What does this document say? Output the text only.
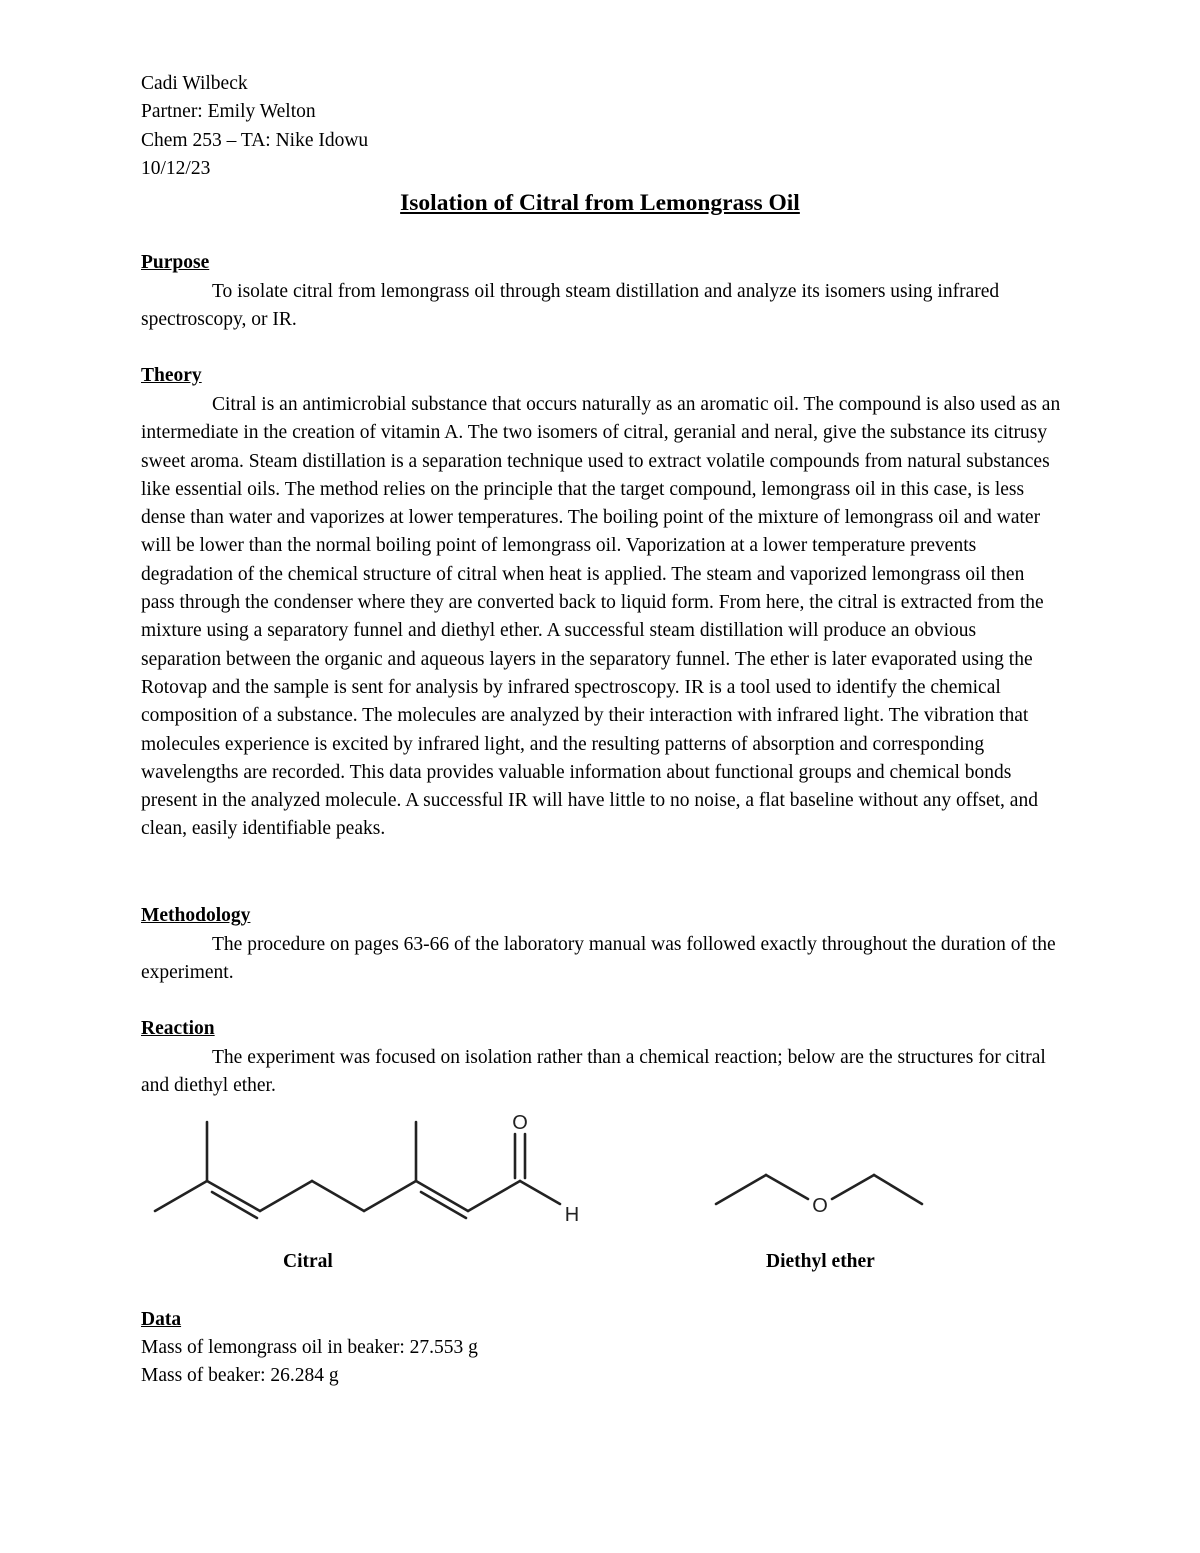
Cadi Wilbeck
Partner: Emily Welton
Chem 253 – TA: Nike Idowu
10/12/23
Isolation of Citral from Lemongrass Oil
Purpose
To isolate citral from lemongrass oil through steam distillation and analyze its isomers using infrared spectroscopy, or IR.
Theory
Citral is an antimicrobial substance that occurs naturally as an aromatic oil. The compound is also used as an intermediate in the creation of vitamin A. The two isomers of citral, geranial and neral, give the substance its citrusy sweet aroma. Steam distillation is a separation technique used to extract volatile compounds from natural substances like essential oils. The method relies on the principle that the target compound, lemongrass oil in this case, is less dense than water and vaporizes at lower temperatures. The boiling point of the mixture of lemongrass oil and water will be lower than the normal boiling point of lemongrass oil. Vaporization at a lower temperature prevents degradation of the chemical structure of citral when heat is applied. The steam and vaporized lemongrass oil then pass through the condenser where they are converted back to liquid form. From here, the citral is extracted from the mixture using a separatory funnel and diethyl ether. A successful steam distillation will produce an obvious separation between the organic and aqueous layers in the separatory funnel. The ether is later evaporated using the Rotovap and the sample is sent for analysis by infrared spectroscopy. IR is a tool used to identify the chemical composition of a substance. The molecules are analyzed by their interaction with infrared light. The vibration that molecules experience is excited by infrared light, and the resulting patterns of absorption and corresponding wavelengths are recorded. This data provides valuable information about functional groups and chemical bonds present in the analyzed molecule. A successful IR will have little to no noise, a flat baseline without any offset, and clean, easily identifiable peaks.
Methodology
The procedure on pages 63-66 of the laboratory manual was followed exactly throughout the duration of the experiment.
Reaction
The experiment was focused on isolation rather than a chemical reaction; below are the structures for citral and diethyl ether.
O
H	O
Citral	Diethyl ether
Data
Mass of lemongrass oil in beaker: 27.553 g
Mass of beaker: 26.284 g
